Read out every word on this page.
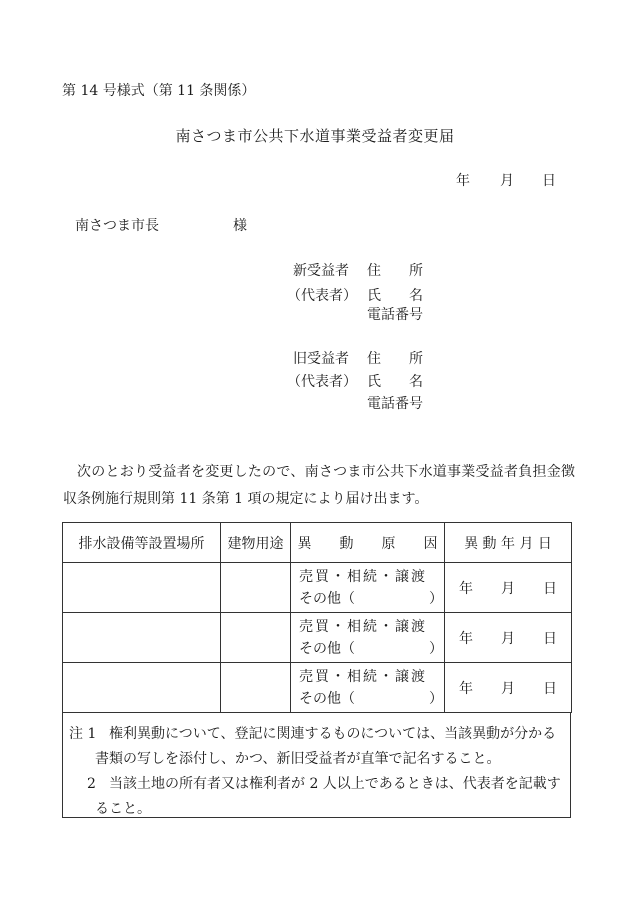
第 14 号様式（第 11 条関係）
南さつま市公共下水道事業受益者変更届
年 月 日
南さつま市長	様
新受益者
（代表者）
住　　所
氏　　名
電話番号
旧受益者
（代表者）
住　　所
氏　　名
電話番号
次のとおり受益者を変更したので、南さつま市公共下水道事業受益者負担金徴収条例施行規則第 11 条第 1 項の規定により届け出ます。
排水設備等設置場所	建物用途	異　　動　　原　　因	異 動 年 月 日

		売買・相続・譲渡
その他（ ）	年　　月　　日

		売買・相続・譲渡
その他（ ）	年　　月　　日

		売買・相続・譲渡
その他（ ）	年　　月　　日
注 1 権利異動について、登記に関連するものについては、当該異動が分かる書類の写しを添付し、かつ、新旧受益者が直筆で記名すること。
2 当該土地の所有者又は権利者が 2 人以上であるときは、代表者を記載すること。
